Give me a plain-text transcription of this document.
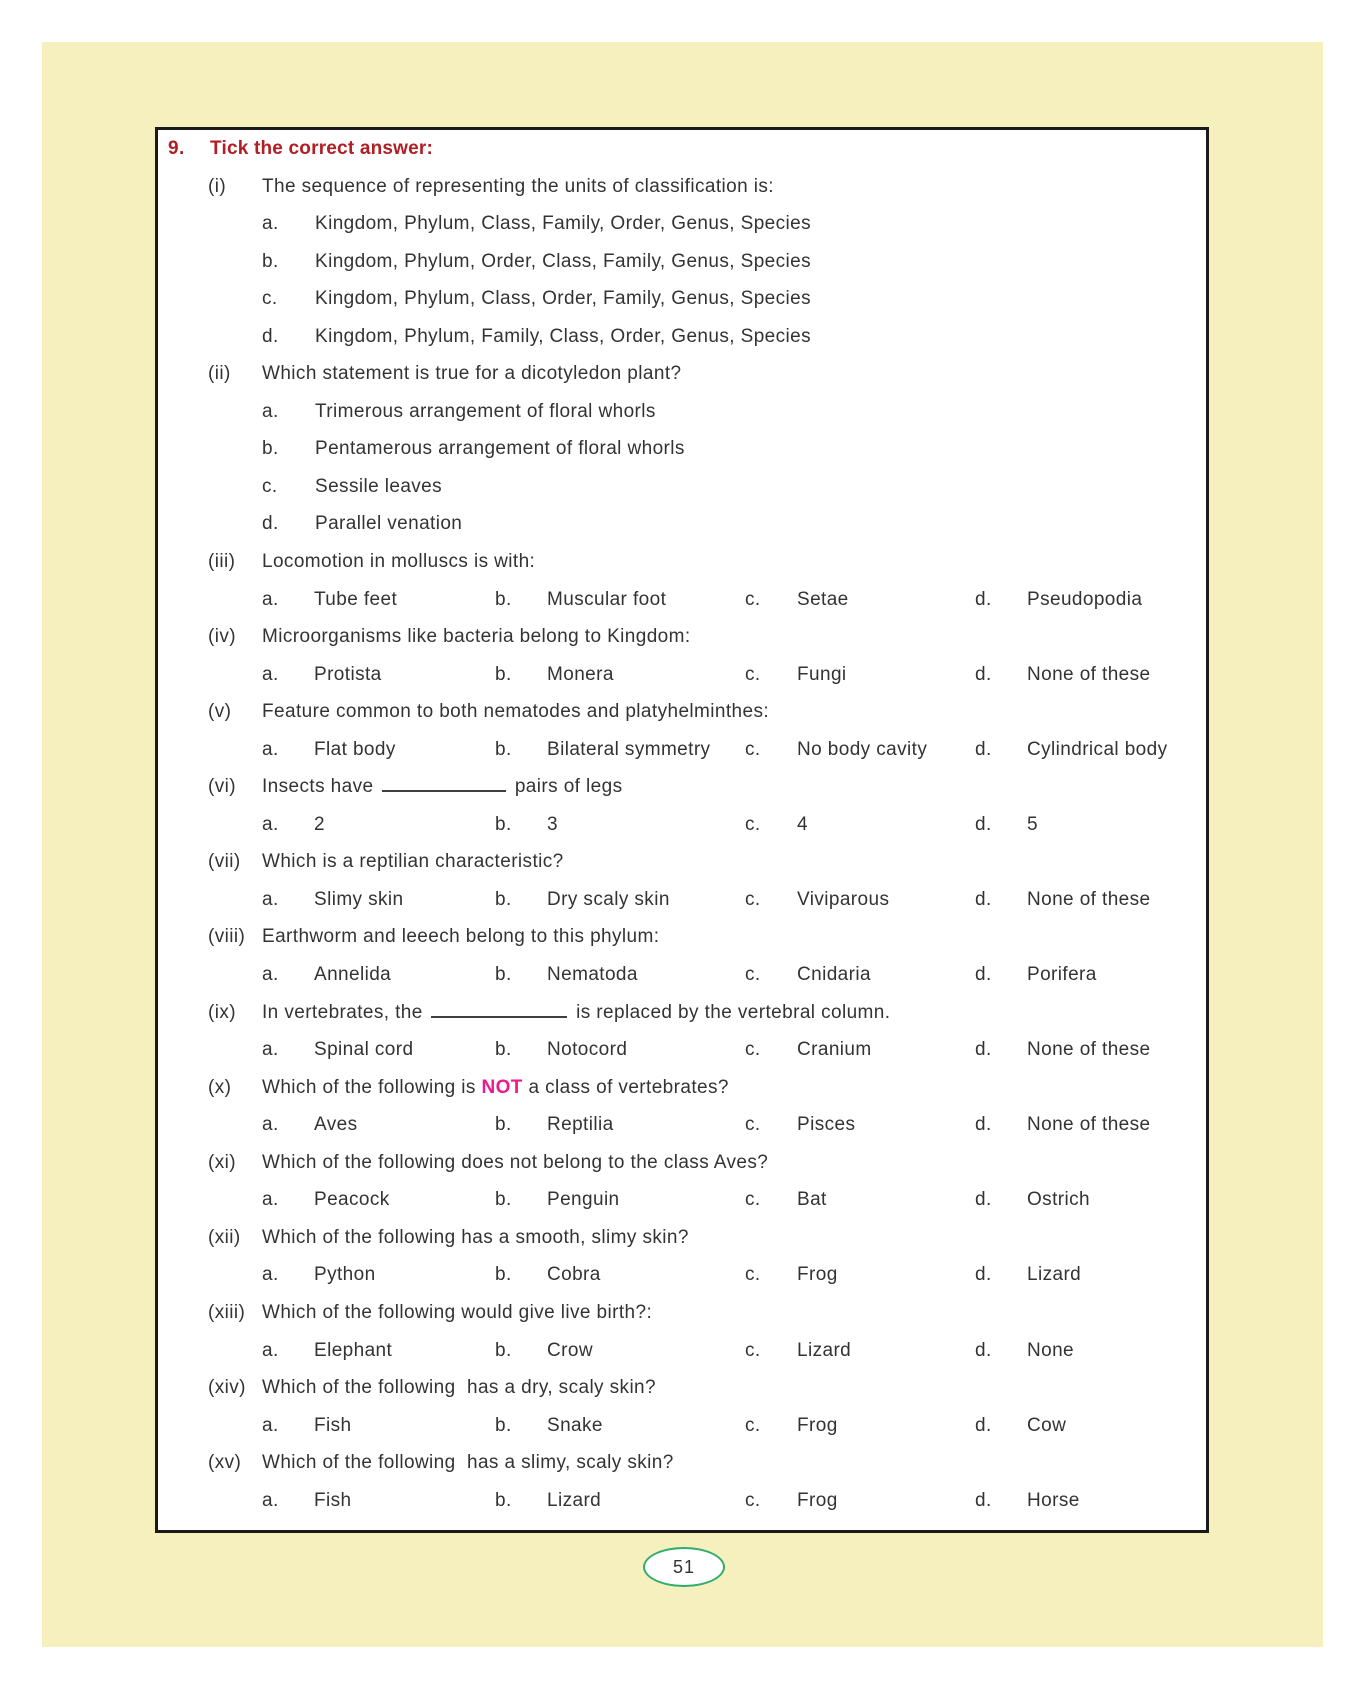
9. Tick the correct answer:
(i) The sequence of representing the units of classification is:
a. Kingdom, Phylum, Class, Family, Order, Genus, Species
b. Kingdom, Phylum, Order, Class, Family, Genus, Species
c. Kingdom, Phylum, Class, Order, Family, Genus, Species
d. Kingdom, Phylum, Family, Class, Order, Genus, Species
(ii) Which statement is true for a dicotyledon plant?
a. Trimerous arrangement of floral whorls
b. Pentamerous arrangement of floral whorls
c. Sessile leaves
d. Parallel venation
(iii) Locomotion in molluscs is with:
a. Tube feet	b. Muscular foot	c. Setae	d. Pseudopodia
(iv) Microorganisms like bacteria belong to Kingdom:
a. Protista	b. Monera	c. Fungi	d. None of these
(v) Feature common to both nematodes and platyhelminthes:
a. Flat body	b. Bilateral symmetry c. No body cavity	d. Cylindrical body
(vi) Insects have	pairs of legs
a. 2	b. 3	c. 4	d. 5
(vii) Which is a reptilian characteristic?
a. Slimy skin	b. Dry scaly skin	c. Viviparous	d. None of these
(viii) Earthworm and leeech belong to this phylum:
a. Annelida	b. Nematoda	c. Cnidaria	d. Porifera
(ix) In vertebrates, the	is replaced by the vertebral column.
a. Spinal cord	b. Notocord	c. Cranium	d. None of these
(x) Which of the following is NOT a class of vertebrates?
a. Aves	b. Reptilia	c. Pisces	d. None of these
(xi) Which of the following does not belong to the class Aves?
a. Peacock	b. Penguin	c. Bat	d. Ostrich
(xii) Which of the following has a smooth, slimy skin?
a. Python	b. Cobra	c. Frog	d. Lizard
(xiii) Which of the following would give live birth?:
a. Elephant	b. Crow	c. Lizard	d. None
(xiv) Which of the following  has a dry, scaly skin?
a. Fish	b. Snake	c. Frog	d. Cow
(xv) Which of the following  has a slimy, scaly skin?
a. Fish	b. Lizard	c. Frog	d. Horse
51
